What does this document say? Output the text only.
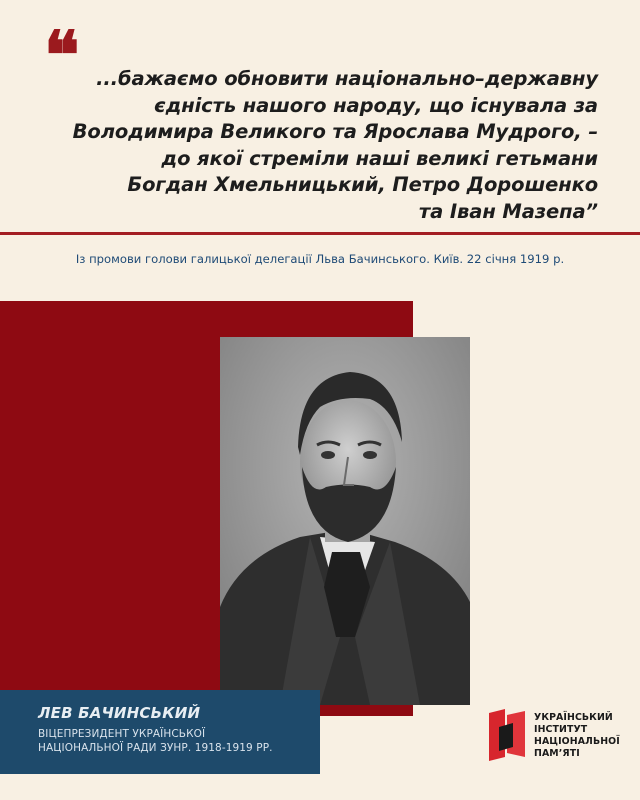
❝ ...бажаємо обновити національно–державну
єдність нашого народу, що існувала за
Володимира Великого та Ярослава Мудрого, –
до якої стреміли наші великі гетьмани
Богдан Хмельницький, Петро Дорошенко
та Іван Мазепа”
Із промови голови галицької делегації Льва Бачинського. Київ. 22 січня 1919 р.
ЛЕВ БАЧИНСЬКИЙ
ВІЦЕПРЕЗИДЕНТ УКРАЇНСЬКОЇ
НАЦІОНАЛЬНОЇ РАДИ ЗУНР. 1918-1919 РР.
УКРАЇНСЬКИЙ
ІНСТИТУТ
НАЦІОНАЛЬНОЇ
ПАМ’ЯТІ
